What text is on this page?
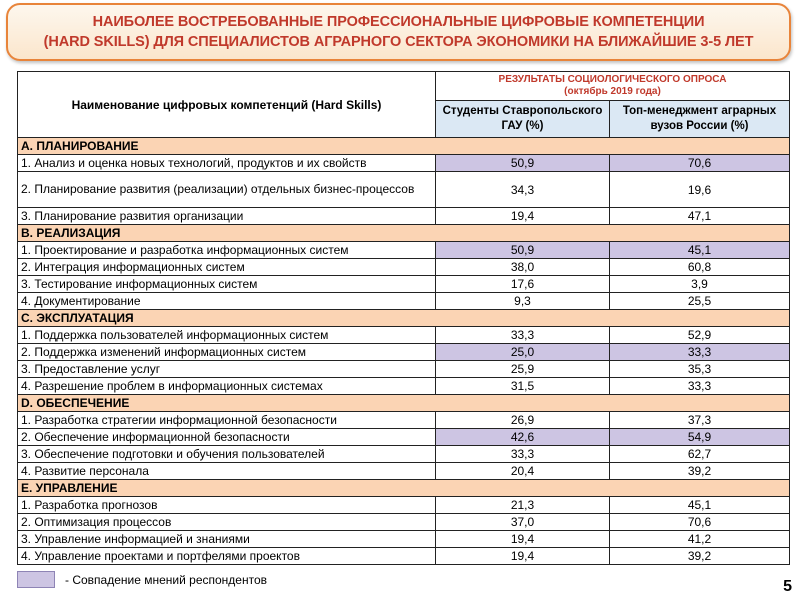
НАИБОЛЕЕ ВОСТРЕБОВАННЫЕ ПРОФЕССИОНАЛЬНЫЕ ЦИФРОВЫЕ КОМПЕТЕНЦИИ
(HARD SKILLS) ДЛЯ СПЕЦИАЛИСТОВ АГРАРНОГО СЕКТОРА ЭКОНОМИКИ НА БЛИЖАЙШИЕ 3-5 ЛЕТ
Наименование цифровых компетенций (Hard Skills)	РЕЗУЛЬТАТЫ СОЦИОЛОГИЧЕСКОГО ОПРОСА
(октябрь 2019 года)	

	Студенты Ставропольского ГАУ (%)	Топ-менеджмент аграрных вузов России (%)
А. ПЛАНИРОВАНИЕ		
1. Анализ и оценка новых технологий, продуктов и их свойств	50,9	70,6
2. Планирование развития (реализации) отдельных бизнес-процессов	34,3	19,6
3. Планирование развития организации	19,4	47,1
В. РЕАЛИЗАЦИЯ		
1. Проектирование и разработка информационных систем	50,9	45,1
2. Интеграция информационных систем	38,0	60,8
3. Тестирование информационных систем	17,6	3,9
4. Документирование	9,3	25,5
С. ЭКСПЛУАТАЦИЯ		
1. Поддержка пользователей информационных систем	33,3	52,9
2. Поддержка изменений информационных систем	25,0	33,3
3. Предоставление услуг	25,9	35,3
4. Разрешение проблем в информационных системах	31,5	33,3
D. ОБЕСПЕЧЕНИЕ		
1. Разработка стратегии информационной безопасности	26,9	37,3
2. Обеспечение информационной безопасности	42,6	54,9
3. Обеспечение подготовки и обучения пользователей	33,3	62,7
4. Развитие персонала	20,4	39,2
Е. УПРАВЛЕНИЕ		
1. Разработка прогнозов	21,3	45,1
2. Оптимизация процессов	37,0	70,6
3. Управление информацией и знаниями	19,4	41,2
4. Управление проектами и портфелями проектов	19,4	39,2
- Совпадение мнений респондентов	5
